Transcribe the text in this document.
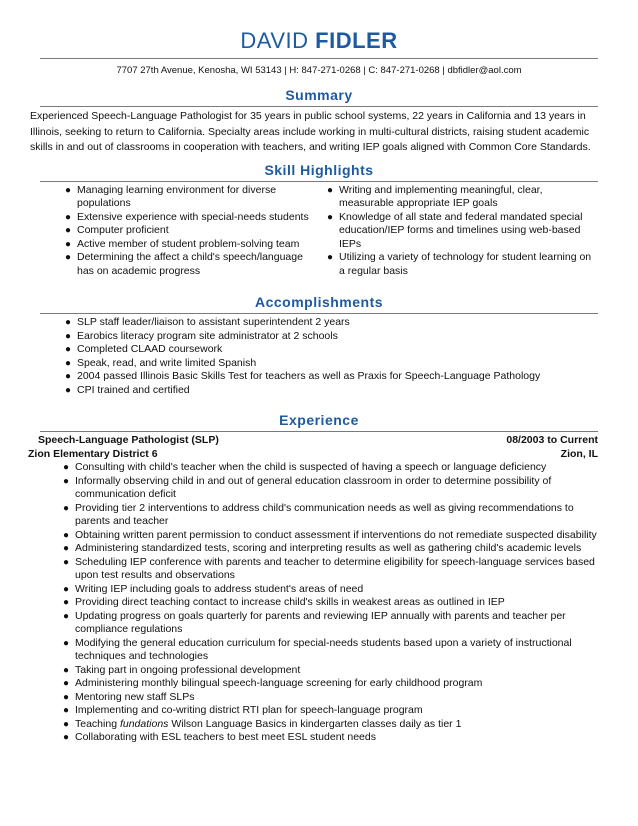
DAVID FIDLER
7707 27th Avenue, Kenosha, WI 53143 | H: 847-271-0268 | C: 847-271-0268 | dbfidler@aol.com
Summary

Experienced Speech-Language Pathologist for 35 years in public school systems, 22 years in California and 13 years in Illinois, seeking to return to California. Specialty areas include working in multi-cultural districts, raising student academic skills in and out of classrooms in cooperation with teachers, and writing IEP goals aligned with Common Core Standards.

Skill Highlights
● Managing learning environment for diverse populations
● Extensive experience with special-needs students
● Computer proficient
● Active member of student problem-solving team
● Determining the affect a child's speech/language has on academic progress
● Writing and implementing meaningful, clear, measurable appropriate IEP goals
● Knowledge of all state and federal mandated special education/IEP forms and timelines using web-based IEPs
● Utilizing a variety of technology for student learning on a regular basis
Accomplishments
● SLP staff leader/liaison to assistant superintendent 2 years
● Earobics literacy program site administrator at 2 schools
● Completed CLAAD coursework
● Speak, read, and write limited Spanish
● 2004 passed Illinois Basic Skills Test for teachers as well as Praxis for Speech-Language Pathology
● CPI trained and certified
Experience
Speech-Language Pathologist (SLP)	08/2003 to Current
Zion Elementary District 6	Zion, IL
● Consulting with child's teacher when the child is suspected of having a speech or language deficiency
● Informally observing child in and out of general education classroom in order to determine possibility of communication deficit
● Providing tier 2 interventions to address child's communication needs as well as giving recommendations to parents and teacher
● Obtaining written parent permission to conduct assessment if interventions do not remediate suspected disability
● Administering standardized tests, scoring and interpreting results as well as gathering child's academic levels
● Scheduling IEP conference with parents and teacher to determine eligibility for speech-language services based upon test results and observations
● Writing IEP including goals to address student's areas of need
● Providing direct teaching contact to increase child's skills in weakest areas as outlined in IEP
● Updating progress on goals quarterly for parents and reviewing IEP annually with parents and teacher per compliance regulations
● Modifying the general education curriculum for special-needs students based upon a variety of instructional techniques and technologies
● Taking part in ongoing professional development
● Administering monthly bilingual speech-language screening for early childhood program
● Mentoring new staff SLPs
● Implementing and co-writing district RTI plan for speech-language program
● Teaching fundations Wilson Language Basics in kindergarten classes daily as tier 1
● Collaborating with ESL teachers to best meet ESL student needs
